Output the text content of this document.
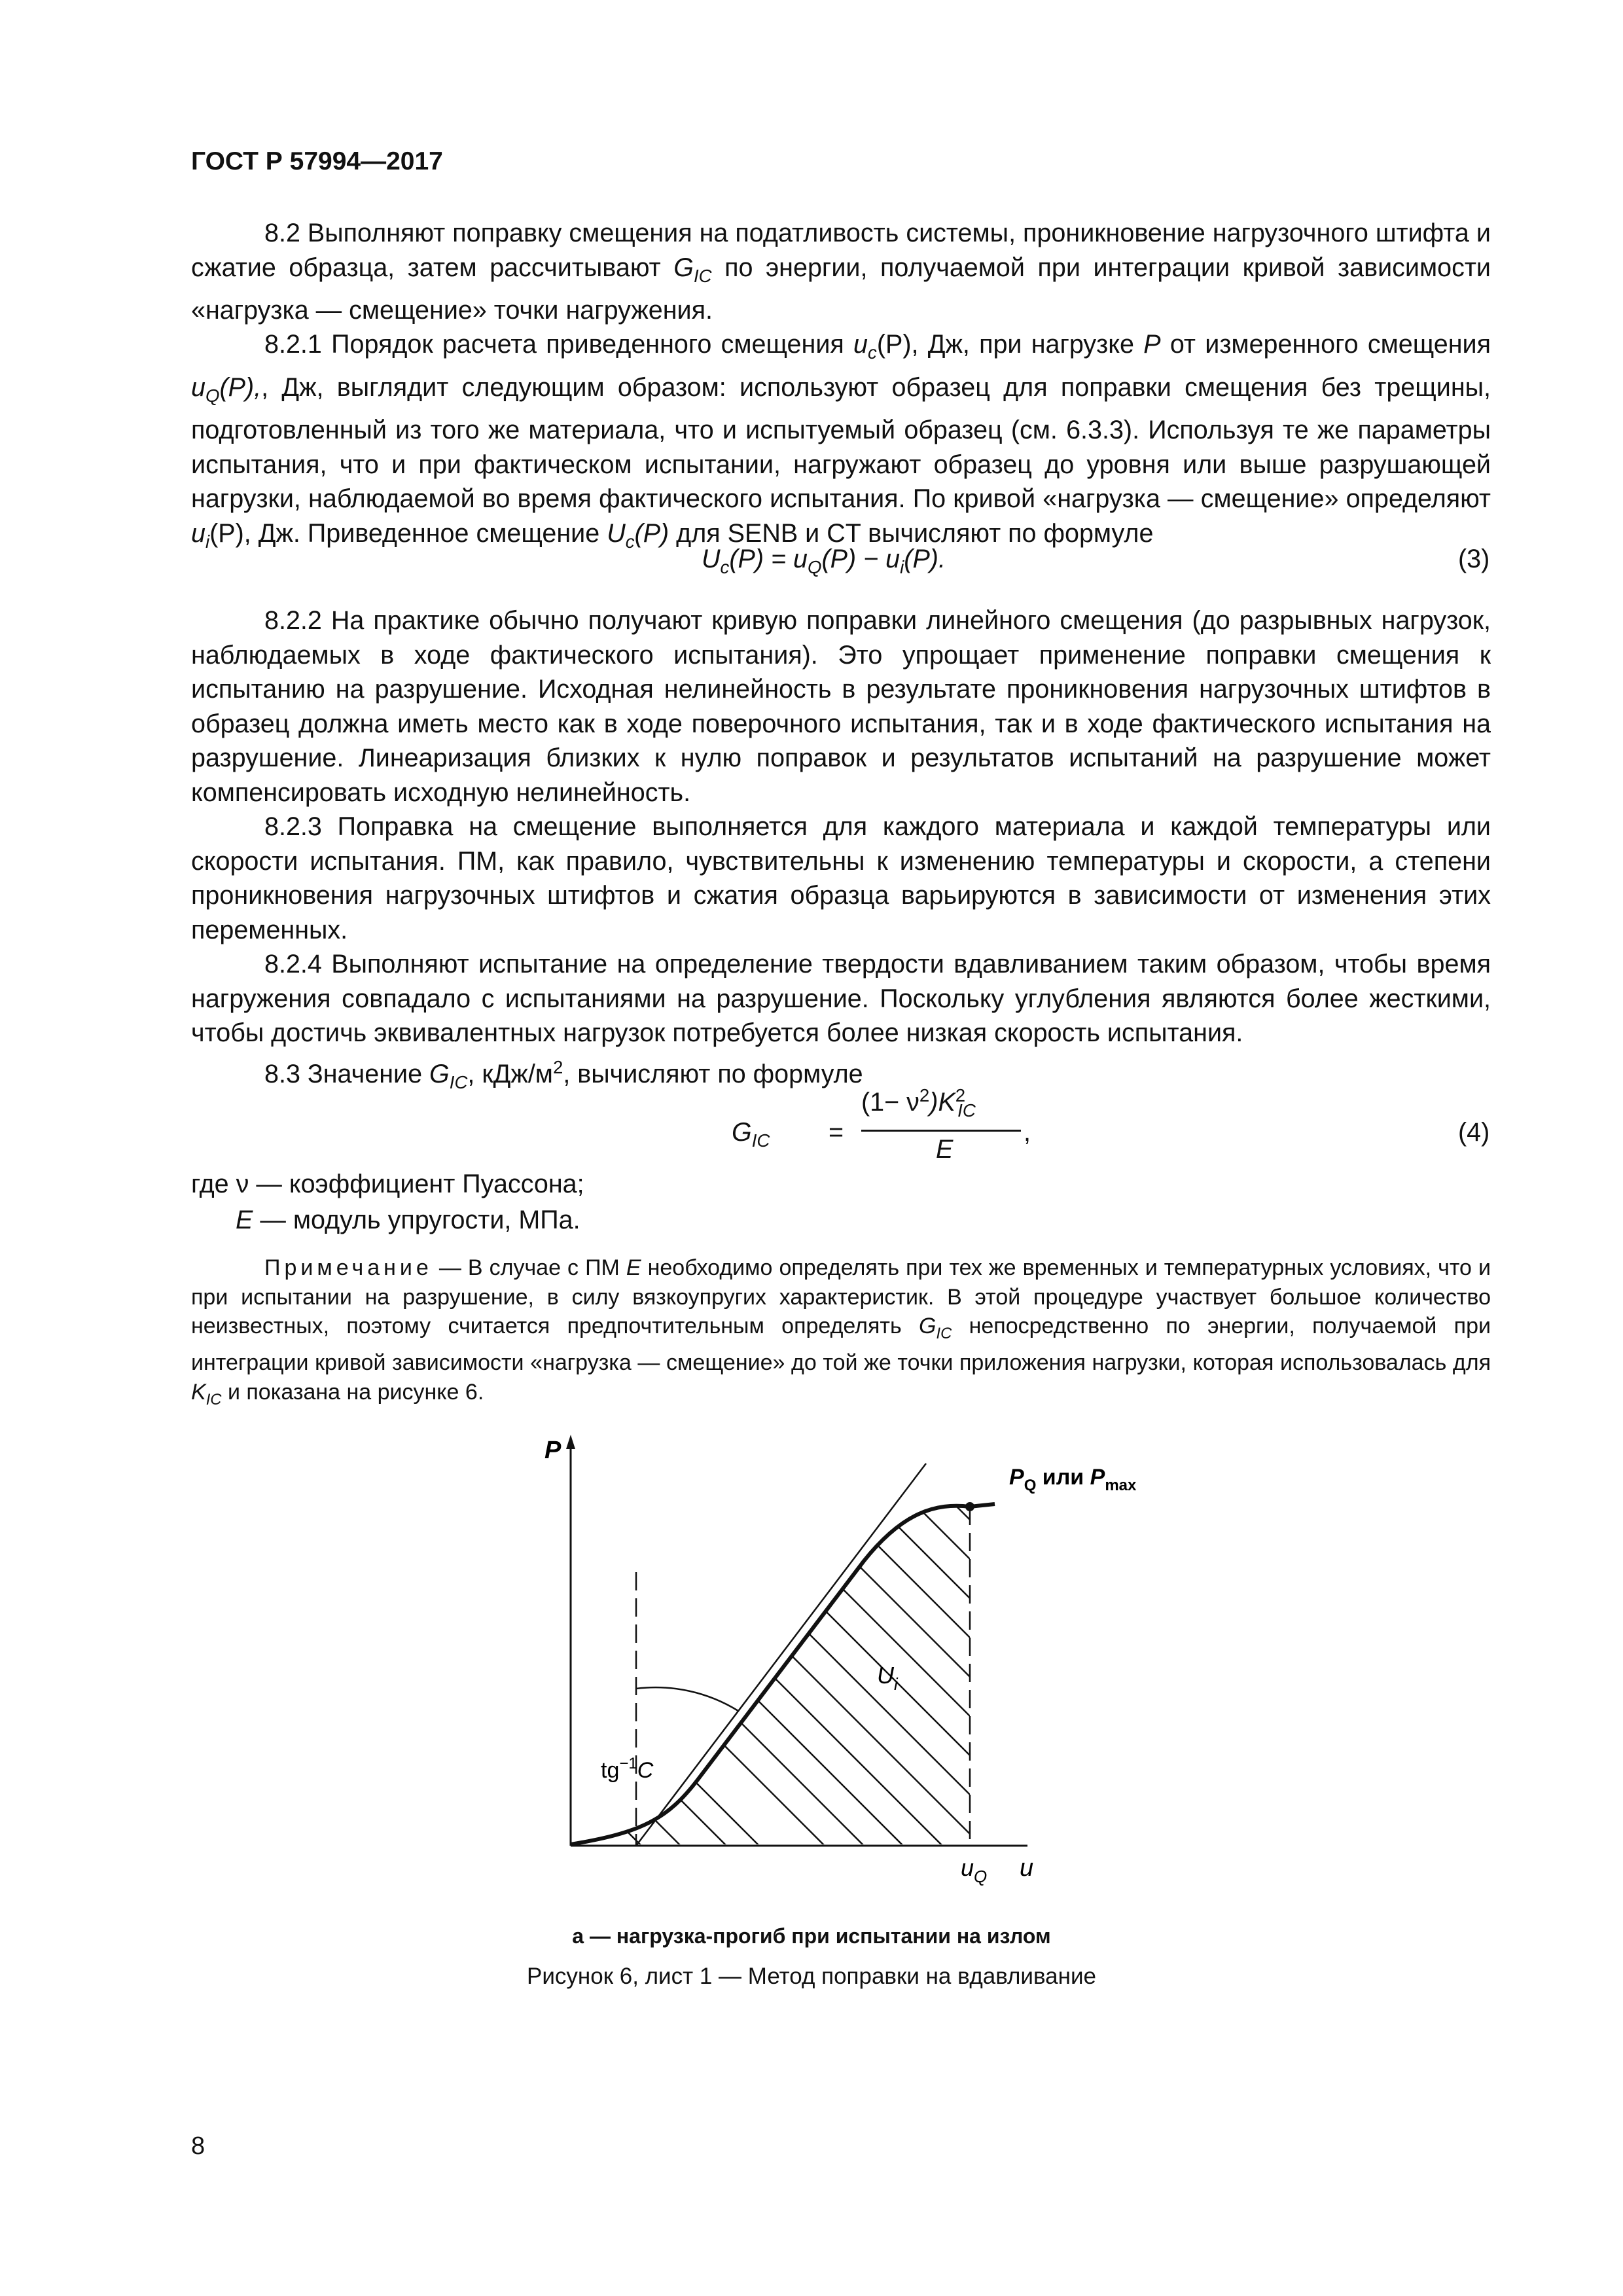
ГОСТ Р 57994—2017

8.2 Выполняют поправку смещения на податливость системы, проникновение нагрузочного штифта и сжатие образца, затем рассчитывают $G_{IC}$ по энергии, получаемой при интеграции кривой зависимости «нагрузка — смещение» точки нагружения.

8.2.1 Порядок расчета приведенного смещения $u_c(P)$, Дж, при нагрузке P от измеренного смещения $u_Q(P)$,, Дж, выглядит следующим образом: используют образец для поправки смещения без трещины, подготовленный из того же материала, что и испытуемый образец (см. 6.3.3). Используя те же параметры испытания, что и при фактическом испытании, нагружают образец до уровня или выше разрушающей нагрузки, наблюдаемой во время фактического испытания. По кривой «нагрузка — смещение» определяют $u_i(P)$, Дж. Приведенное смещение $U_c(P)$ для SENB и CT вычисляют по формуле

$U_c(P) = u_Q(P) - u_i(P)$.	(3)

8.2.2 На практике обычно получают кривую поправки линейного смещения (до разрывных нагрузок, наблюдаемых в ходе фактического испытания). Это упрощает применение поправки смещения к испытанию на разрушение. Исходная нелинейность в результате проникновения нагрузочных штифтов в образец должна иметь место как в ходе поверочного испытания, так и в ходе фактического испытания на разрушение. Линеаризация близких к нулю поправок и результатов испытаний на разрушение может компенсировать исходную нелинейность.

8.2.3 Поправка на смещение выполняется для каждого материала и каждой температуры или скорости испытания. ПМ, как правило, чувствительны к изменению температуры и скорости, а степени проникновения нагрузочных штифтов и сжатия образца варьируются в зависимости от изменения этих переменных.

8.2.4 Выполняют испытание на определение твердости вдавливанием таким образом, чтобы время нагружения совпадало с испытаниями на разрушение. Поскольку углубления являются более жесткими, чтобы достичь эквивалентных нагрузок потребуется более низкая скорость испытания.

8.3 Значение $G_{IC}$, кДж/$м^2$, вычисляют по формуле

$G_{IC}$ =
$(1- \nu^2)K^2_{IC}$
E
,	(4)
где ν — коэффициент Пуассона;
E — модуль упругости, МПа.
Примечание — В случае с ПМ E необходимо определять при тех же временных и температурных условиях, что и при испытании на разрушение, в силу вязкоупругих характеристик. В этой процедуре участвует большое количество неизвестных, поэтому считается предпочтительным определять $G_{IC}$ непосредственно по энергии, получаемой при интеграции кривой зависимости «нагрузка — смещение» до той же точки приложения нагрузки, которая использовалась для $K_{IC}$ и показана на рисунке 6.
P
u
$u_Q$
$P_Q$ или $P_{max}$
$U_i$
$tg^{-1}C$
а — нагрузка-прогиб при испытании на излом
Рисунок 6, лист 1 — Метод поправки на вдавливание
8
